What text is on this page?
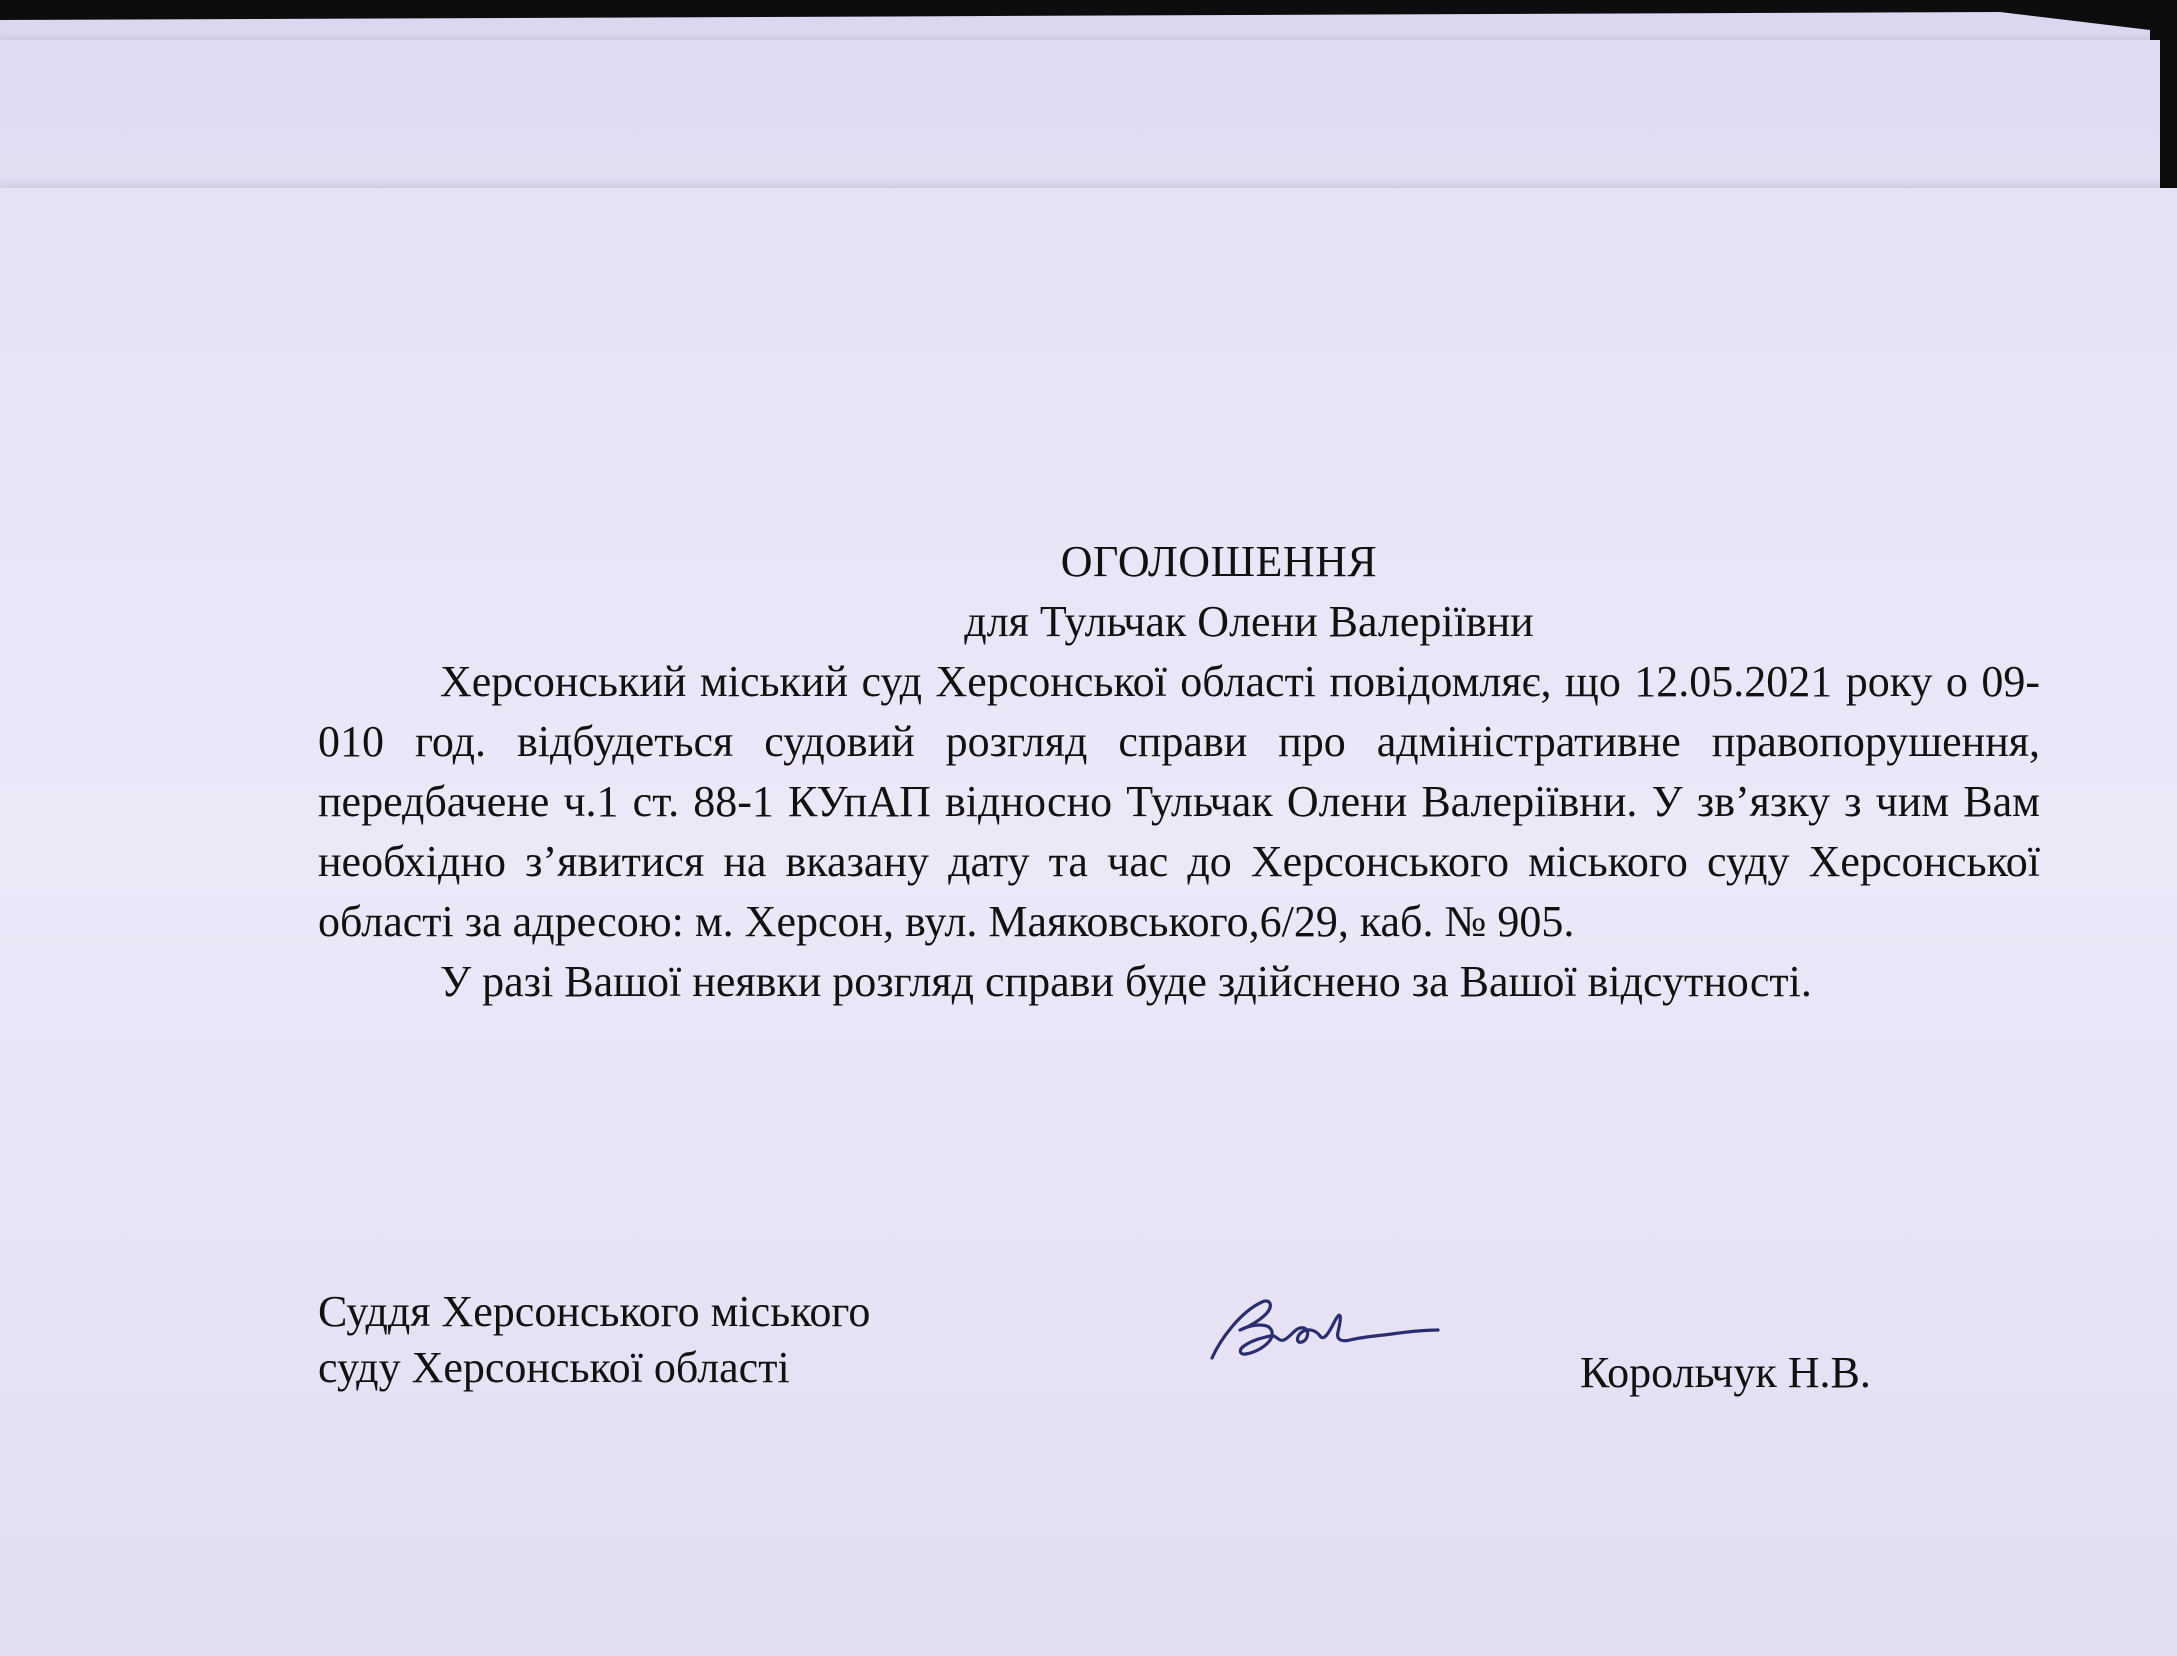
ОГОЛОШЕННЯ

для Тульчак Олени Валеріївни

Херсонський міський суд Херсонської області повідомляє, що 12.05.2021 року о 09-010 год. відбудеться судовий розгляд справи про адміністративне правопорушення, передбачене ч.1 ст. 88-1 КУпАП відносно Тульчак Олени Валеріївни. У зв’язку з чим Вам необхідно з’явитися на вказану дату та час до Херсонського міського суду Херсонської області за адресою: м. Херсон, вул. Маяковського,6/29, каб. № 905.

У разі Вашої неявки розгляд справи буде здійснено за Вашої відсутності.

Суддя Херсонського міського
суду Херсонської області	Корольчук Н.В.
